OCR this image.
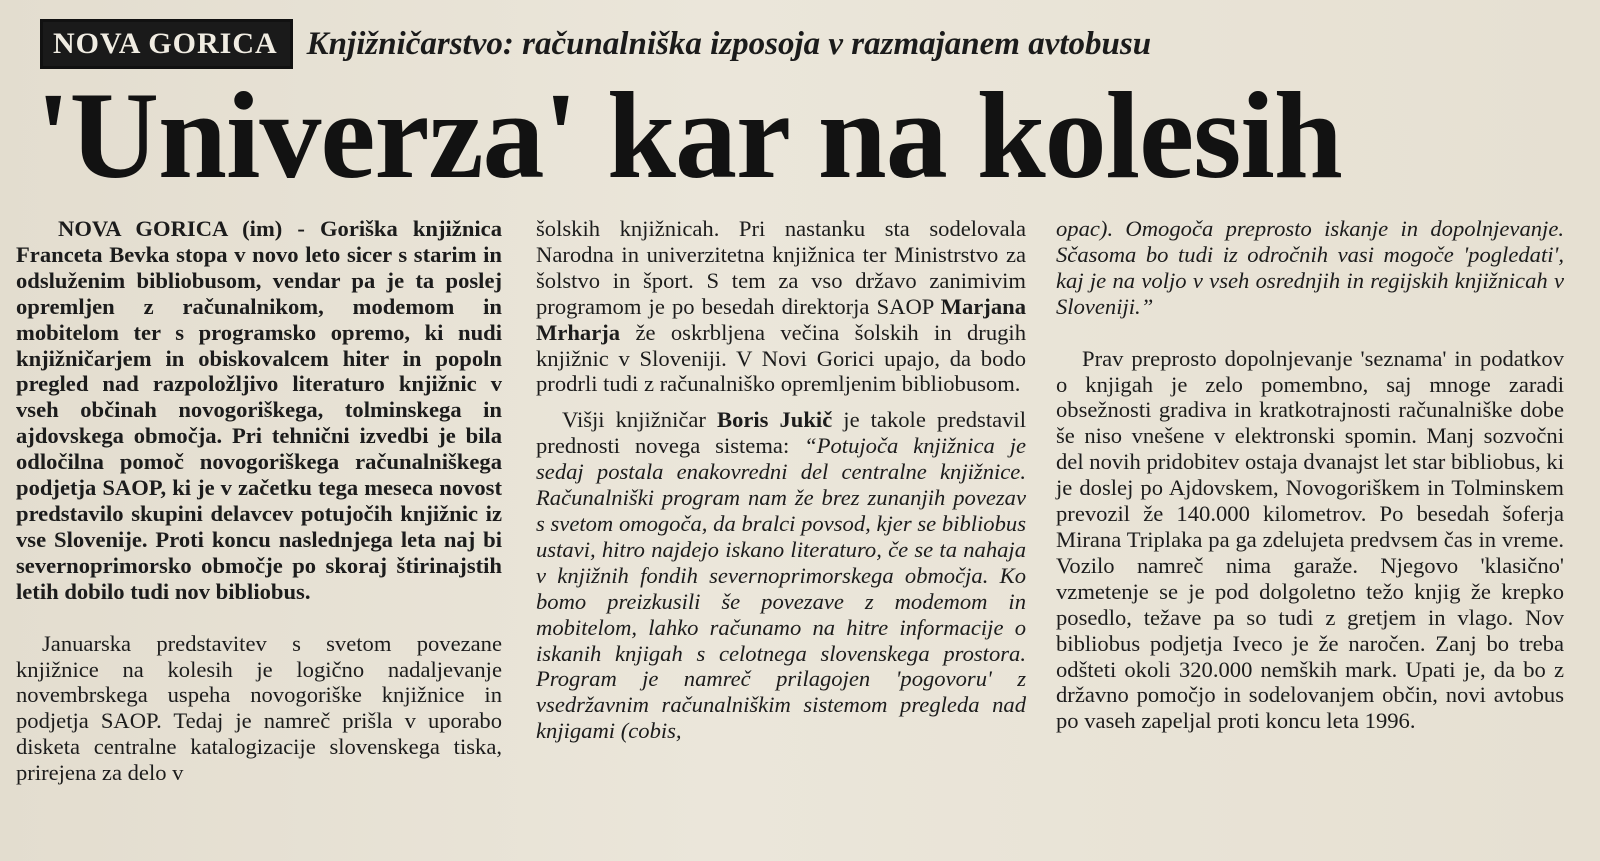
NOVA GORICA Knjižničarstvo: računalniška izposoja v razmajanem avtobusu
'Univerza' kar na kolesih

NOVA GORICA (im) - Goriška knjižnica Franceta Bevka stopa v novo leto sicer s starim in odsluženim bibliobusom, vendar pa je ta poslej opremljen z računalnikom, modemom in mobitelom ter s programsko opremo, ki nudi knjižničarjem in obiskovalcem hiter in popoln pregled nad razpoložljivo literaturo knjižnic v vseh občinah novogoriškega, tolminskega in ajdovskega območja. Pri tehnični izvedbi je bila odločilna pomoč novogoriškega računalniškega podjetja SAOP, ki je v začetku tega meseca novost predstavilo skupini delavcev potujočih knjižnic iz vse Slovenije. Proti koncu naslednjega leta naj bi severnoprimorsko območje po skoraj štirinajstih letih dobilo tudi nov bibliobus.

Januarska predstavitev s svetom povezane knjižnice na kolesih je logično nadaljevanje novembrskega uspeha novogoriške knjižnice in podjetja SAOP. Tedaj je namreč prišla v uporabo disketa centralne katalogizacije slovenskega tiska, prirejena za delo v

šolskih knjižnicah. Pri nastanku sta sodelovala Narodna in univerzitetna knjižnica ter Ministrstvo za šolstvo in šport. S tem za vso državo zanimivim programom je po besedah direktorja SAOP Marjana Mrharja že oskrbljena večina šolskih in drugih knjižnic v Sloveniji. V Novi Gorici upajo, da bodo prodrli tudi z računalniško opremljenim bibliobusom.

Višji knjižničar Boris Jukič je takole predstavil prednosti novega sistema: “Potujoča knjižnica je sedaj postala enakovredni del centralne knjižnice. Računalniški program nam že brez zunanjih povezav s svetom omogoča, da bralci povsod, kjer se bibliobus ustavi, hitro najdejo iskano literaturo, če se ta nahaja v knjižnih fondih severnoprimorskega območja. Ko bomo preizkusili še povezave z modemom in mobitelom, lahko računamo na hitre informacije o iskanih knjigah s celotnega slovenskega prostora. Program je namreč prilagojen 'pogovoru' z vsedržavnim računalniškim sistemom pregleda nad knjigami (cobis,

opac). Omogoča preprosto iskanje in dopolnjevanje. Sčasoma bo tudi iz odročnih vasi mogoče 'pogledati', kaj je na voljo v vseh osrednjih in regijskih knjižnicah v Sloveniji.”

Prav preprosto dopolnjevanje 'seznama' in podatkov o knjigah je zelo pomembno, saj mnoge zaradi obsežnosti gradiva in kratkotrajnosti računalniške dobe še niso vnešene v elektronski spomin. Manj sozvočni del novih pridobitev ostaja dvanajst let star bibliobus, ki je doslej po Ajdovskem, Novogoriškem in Tolminskem prevozil že 140.000 kilometrov. Po besedah šoferja Mirana Triplaka pa ga zdelujeta predvsem čas in vreme. Vozilo namreč nima garaže. Njegovo 'klasično' vzmetenje se je pod dolgoletno težo knjig že krepko posedlo, težave pa so tudi z gretjem in vlago. Nov bibliobus podjetja Iveco je že naročen. Zanj bo treba odšteti okoli 320.000 nemških mark. Upati je, da bo z državno pomočjo in sodelovanjem občin, novi avtobus po vaseh zapeljal proti koncu leta 1996.
